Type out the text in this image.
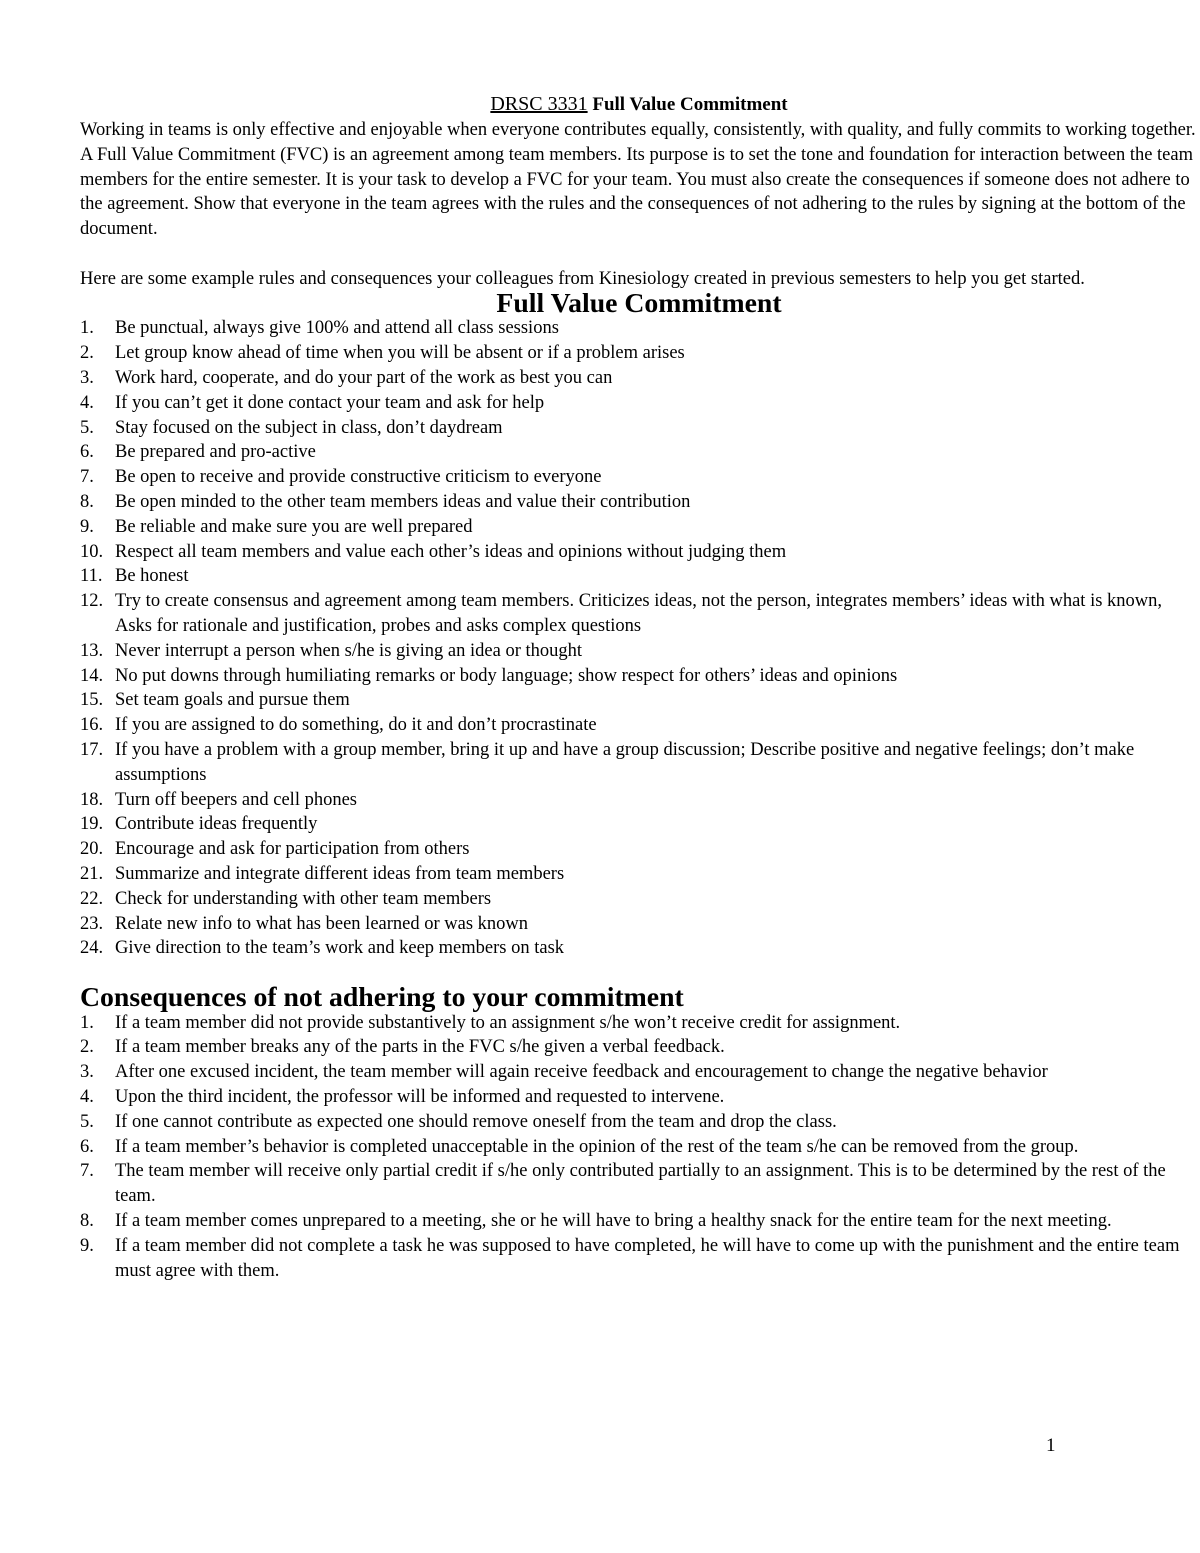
DRSC 3331 Full Value Commitment

Working in teams is only effective and enjoyable when everyone contributes equally, consistently, with quality, and fully commits to working together. A Full Value Commitment (FVC) is an agreement among team members. Its purpose is to set the tone and foundation for interaction between the team members for the entire semester. It is your task to develop a FVC for your team. You must also create the consequences if someone does not adhere to the agreement. Show that everyone in the team agrees with the rules and the consequences of not adhering to the rules by signing at the bottom of the document.

Here are some example rules and consequences your colleagues from Kinesiology created in previous semesters to help you get started.

Full Value Commitment
1.	Be punctual, always give 100% and attend all class sessions
2.	Let group know ahead of time when you will be absent or if a problem arises
3.	Work hard, cooperate, and do your part of the work as best you can
4.	If you can’t get it done contact your team and ask for help
5.	Stay focused on the subject in class, don’t daydream
6.	Be prepared and pro-active
7.	Be open to receive and provide constructive criticism to everyone
8.	Be open minded to the other team members ideas and value their contribution
9.	Be reliable and make sure you are well prepared
10. Respect all team members and value each other’s ideas and opinions without judging them
11. Be honest
12. Try to create consensus and agreement among team members. Criticizes ideas, not the person, integrates members’ ideas with what is known, Asks for rationale and justification, probes and asks complex questions
13. Never interrupt a person when s/he is giving an idea or thought
14. No put downs through humiliating remarks or body language; show respect for others’ ideas and opinions
15. Set team goals and pursue them
16. If you are assigned to do something, do it and don’t procrastinate
17. If you have a problem with a group member, bring it up and have a group discussion; Describe positive and negative feelings; don’t make assumptions
18. Turn off beepers and cell phones
19. Contribute ideas frequently
20. Encourage and ask for participation from others
21. Summarize and integrate different ideas from team members
22. Check for understanding with other team members
23. Relate new info to what has been learned or was known
24. Give direction to the team’s work and keep members on task
Consequences of not adhering to your commitment
1.	If a team member did not provide substantively to an assignment s/he won’t receive credit for assignment.
2.	If a team member breaks any of the parts in the FVC s/he given a verbal feedback.
3.	After one excused incident, the team member will again receive feedback and encouragement to change the negative behavior
4.	Upon the third incident, the professor will be informed and requested to intervene.
5.	If one cannot contribute as expected one should remove oneself from the team and drop the class.
6.	If a team member’s behavior is completed unacceptable in the opinion of the rest of the team s/he can be removed from the group.
7.	The team member will receive only partial credit if s/he only contributed partially to an assignment. This is to be determined by the rest of the team.
8.	If a team member comes unprepared to a meeting, she or he will have to bring a healthy snack for the entire team for the next meeting.
9.	If a team member did not complete a task he was supposed to have completed, he will have to come up with the punishment and the entire team must agree with them.
1
